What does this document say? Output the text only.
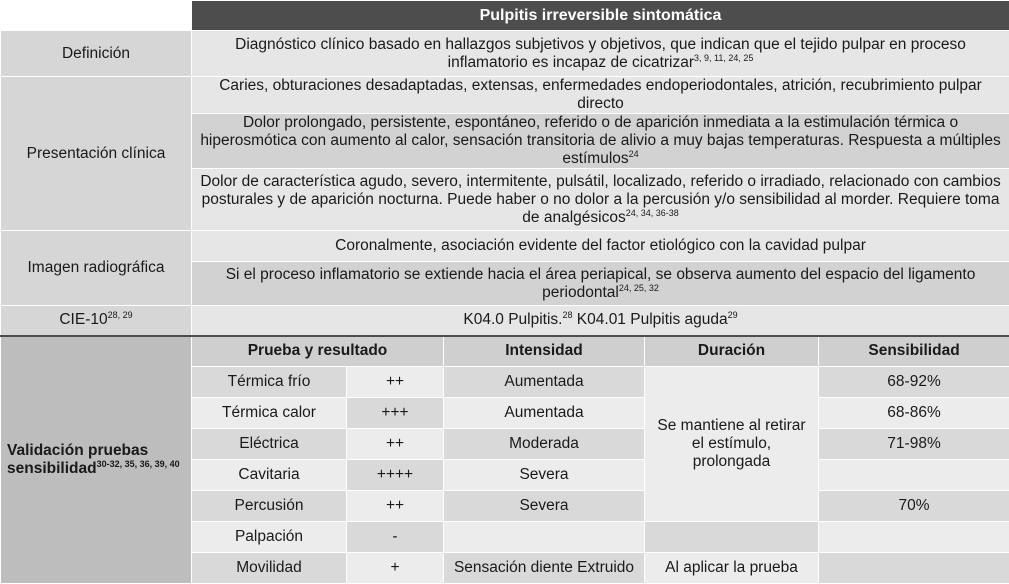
	Pulpitis irreversible sintomática				
Definición	Diagnóstico clínico basado en hallazgos subjetivos y objetivos, que indican que el tejido pulpar en proceso inflamatorio es incapaz de cicatrizar$^{3, 9, 11, 24, 25}$
Presentación clínica	Caries, obturaciones desadaptadas, extensas, enfermedades endoperiodontales, atrición, recubrimiento pulpar directo				
	Dolor prolongado, persistente, espontáneo, referido o de aparición inmediata a la estimulación térmica o hiperosmótica con aumento al calor, sensación transitoria de alivio a muy bajas temperaturas. Respuesta a múltiples estímulos$^{24}$
	Dolor de característica agudo, severo, intermitente, pulsátil, localizado, referido o irradiado, relacionado con cambios posturales y de aparición nocturna. Puede haber o no dolor a la percusión y/o sensibilidad al morder. Requiere toma de analgésicos$^{24, 34, 36-38}$
Imagen radiográfica	Coronalmente, asociación evidente del factor etiológico con la cavidad pulpar				
	Si el proceso inflamatorio se extiende hacia el área periapical, se observa aumento del espacio del ligamento periodontal$^{24, 25, 32}$
CIE-10$^{28, 29}$	K04.0 Pulpitis.$^{28}$ K04.01 Pulpitis aguda$^{29}$
Validación pruebas sensibilidad$^{30-32, 35, 36, 39, 40}$	Prueba y resultado		Intensidad	Duración	Sensibilidad
	Térmica frío	++	Aumentada	Se mantiene al retirar el estímulo, prolongada	68-92%
	Térmica calor	+++	Aumentada		68-86%
	Eléctrica	++	Moderada		71-98%
	Cavitaria	++++	Severa		
	Percusión	++	Severa		70%
	Palpación	-			
	Movilidad	+	Sensación diente Extruido	Al aplicar la prueba	
